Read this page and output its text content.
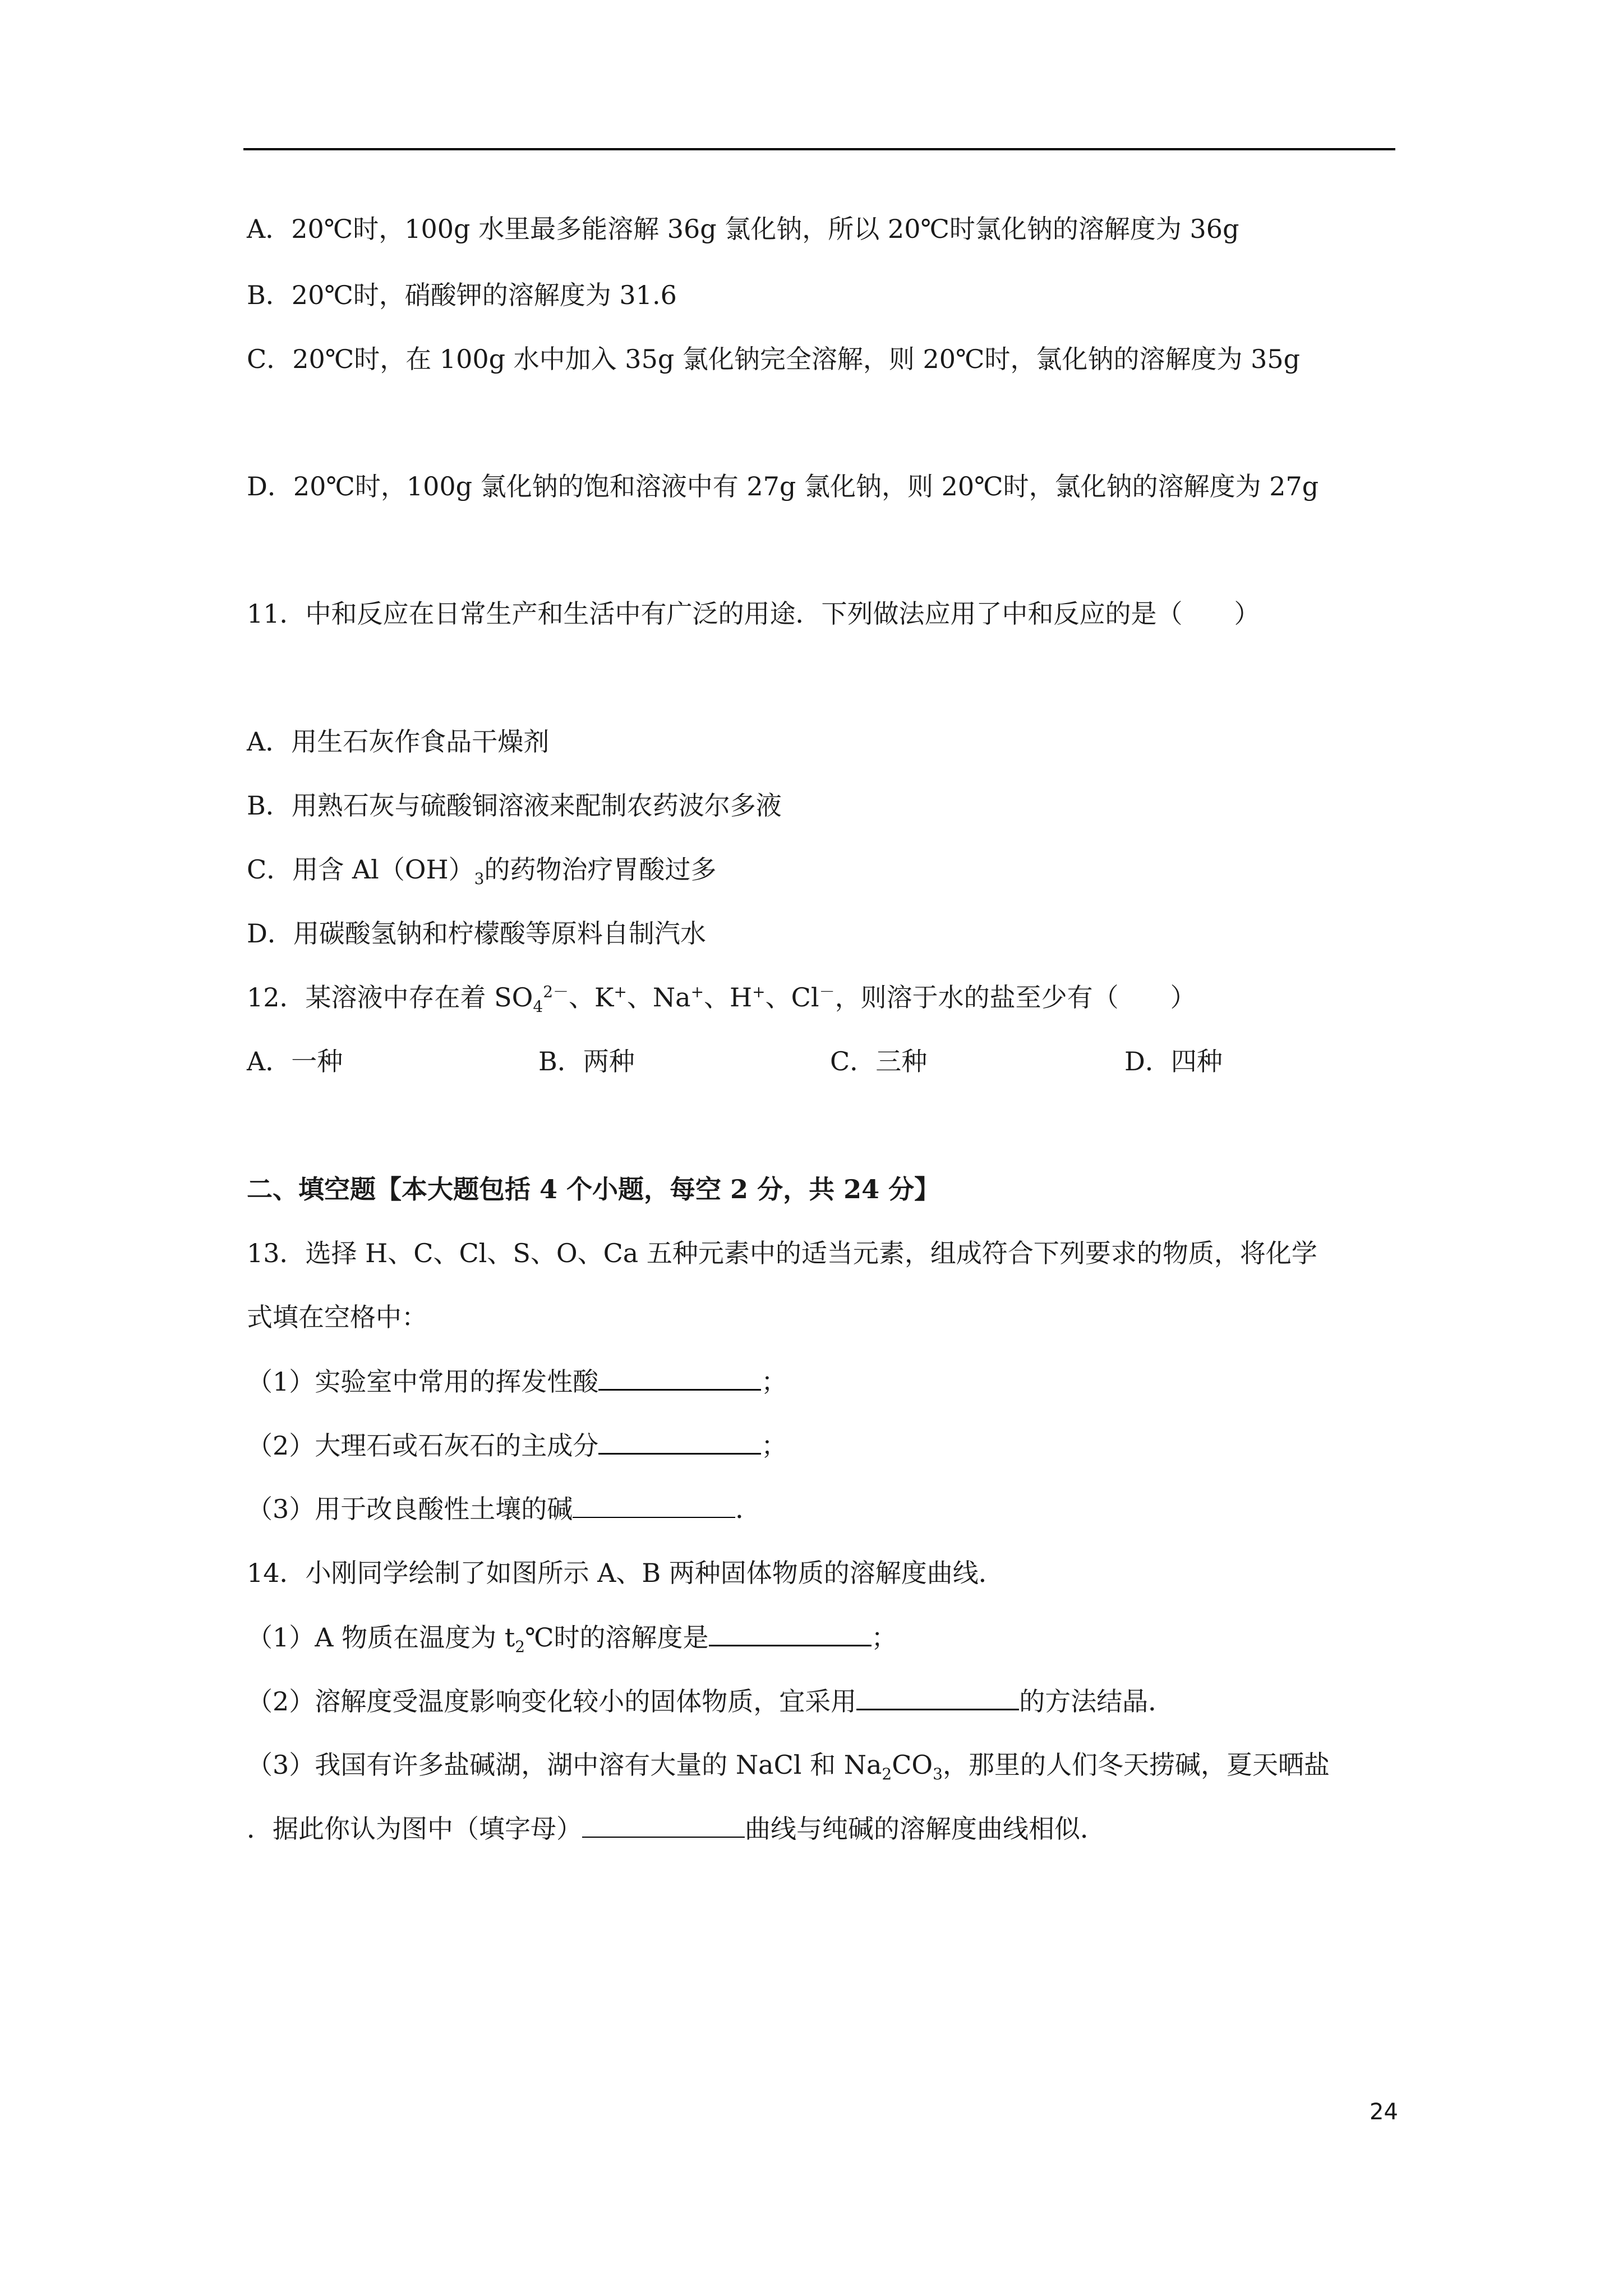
A．20℃时，100g 水里最多能溶解 36g 氯化钠，所以 20℃时氯化钠的溶解度为 36g
B．20℃时，硝酸钾的溶解度为 31.6
C．20℃时，在 100g 水中加入 35g 氯化钠完全溶解，则 20℃时，氯化钠的溶解度为 35g
D．20℃时，100g 氯化钠的饱和溶液中有 27g 氯化钠，则 20℃时，氯化钠的溶解度为 27g
11．中和反应在日常生产和生活中有广泛的用途．下列做法应用了中和反应的是（　　）
A．用生石灰作食品干燥剂
B．用熟石灰与硫酸铜溶液来配制农药波尔多液
C．用含 $Al(OH)_3$的药物治疗胃酸过多
D．用碳酸氢钠和柠檬酸等原料自制汽水
12．某溶液中存在着 $SO_4^{2-}$、K+、Na+、H+、Cl－，则溶于水的盐至少有（　　）
A．一种	B．两种	C．三种	D．四种
二、填空题【本大题包括 4 个小题，每空 2 分，共 24 分】
13．选择 H、C、Cl、S、O、Ca 五种元素中的适当元素，组成符合下列要求的物质，将化学
式填在空格中：
（1）实验室中常用的挥发性酸	；
（2）大理石或石灰石的主成分	；
（3）用于改良酸性土壤的碱	．
14．小刚同学绘制了如图所示 A、B 两种固体物质的溶解度曲线．
（1）A 物质在温度为 $t_2℃$时的溶解度是	；
（2）溶解度受温度影响变化较小的固体物质，宜采用	的方法结晶．
（3）我国有许多盐碱湖，湖中溶有大量的 NaCl 和 $Na_2CO_3$，那里的人们冬天捞碱，夏天晒盐
．据此你认为图中（填字母）	曲线与纯碱的溶解度曲线相似．
24
